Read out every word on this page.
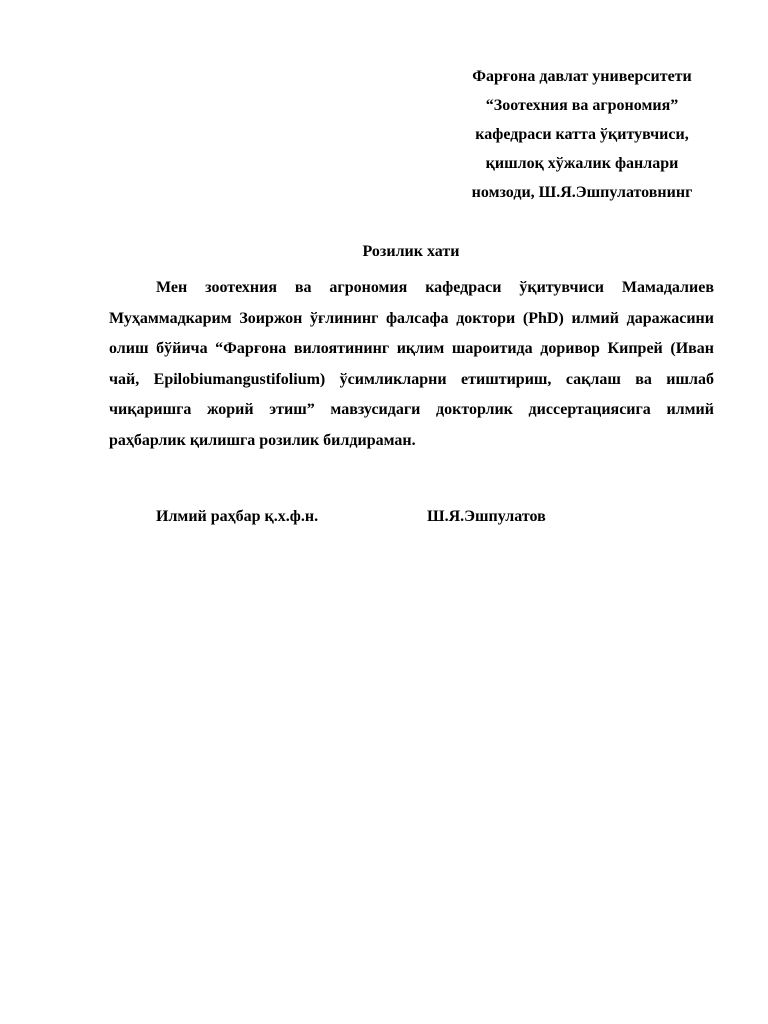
Фарғона давлат университети
“Зоотехния ва агрономия”
кафедраси катта ўқитувчиси,
қишлоқ хўжалик фанлари
номзоди, Ш.Я.Эшпулатовнинг
Розилик хати

Мен зоотехния ва агрономия кафедраси ўқитувчиси Мамадалиев Муҳаммадкарим Зоиржон ўғлининг фалсафа доктори (PhD) илмий даражасини олиш бўйича “Фарғона вилоятининг иқлим шароитида доривор Кипрей (Иван чай, Epilobiumangustifolium) ўсимликларни етиштириш, сақлаш ва ишлаб чиқаришга жорий этиш” мавзусидаги докторлик диссертациясига илмий раҳбарлик қилишга розилик билдираман.

Илмий раҳбар қ.х.ф.н.	Ш.Я.Эшпулатов
